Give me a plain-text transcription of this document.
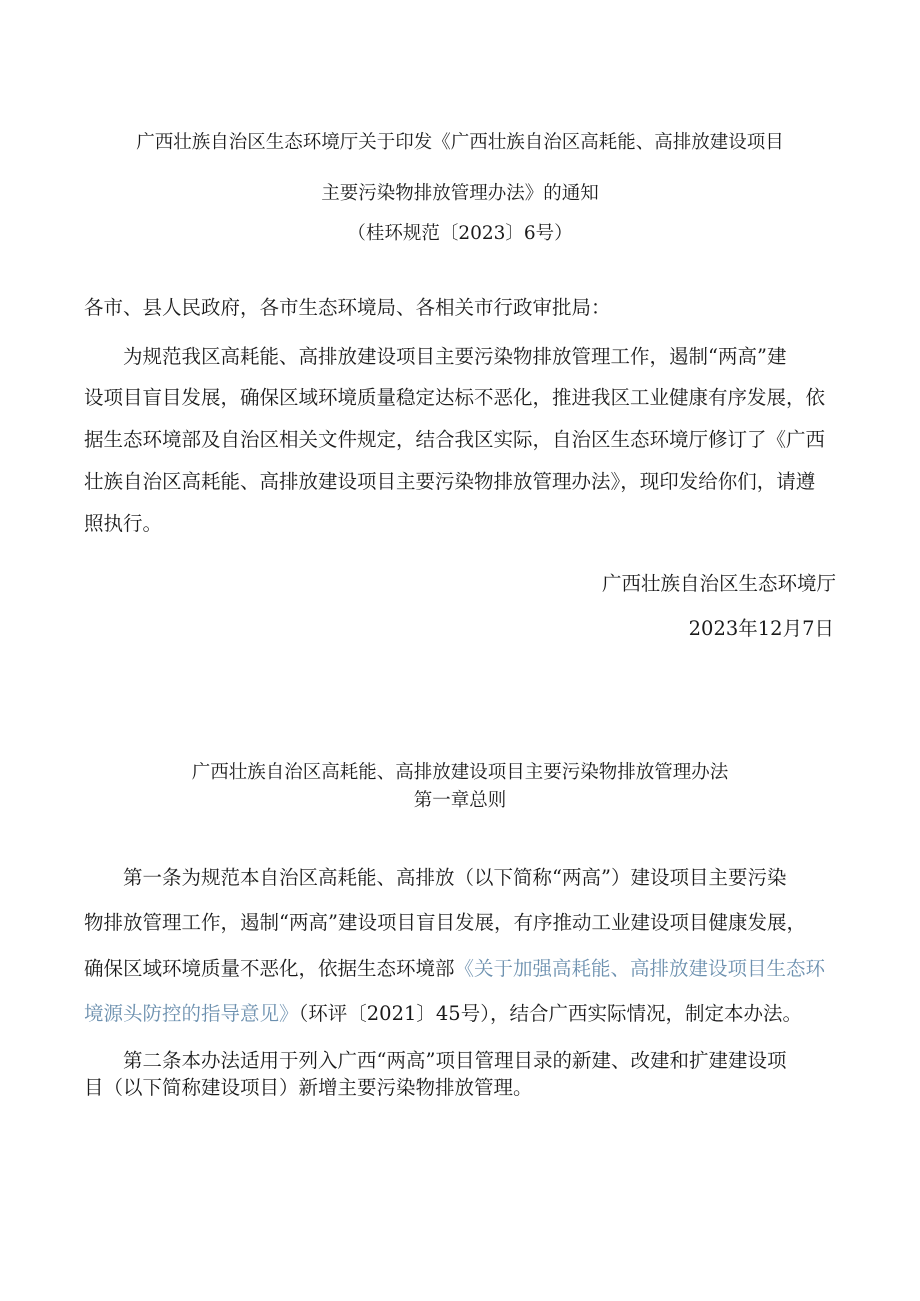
广西壮族自治区生态环境厅关于印发《广西壮族自治区高耗能、高排放建设项目
主要污染物排放管理办法》的通知
（桂环规范〔2023〕6号）
各市、县人民政府，各市生态环境局、各相关市行政审批局：
为规范我区高耗能、高排放建设项目主要污染物排放管理工作，遏制“两高”建
设项目盲目发展，确保区域环境质量稳定达标不恶化，推进我区工业健康有序发展，依
据生态环境部及自治区相关文件规定，结合我区实际，自治区生态环境厅修订了《广西
壮族自治区高耗能、高排放建设项目主要污染物排放管理办法》，现印发给你们，请遵
照执行。
广西壮族自治区生态环境厅
2023年12月7日
广西壮族自治区高耗能、高排放建设项目主要污染物排放管理办法
第一章总则
第一条为规范本自治区高耗能、高排放（以下简称“两高”）建设项目主要污染
物排放管理工作，遏制“两高”建设项目盲目发展，有序推动工业建设项目健康发展，
确保区域环境质量不恶化，依据生态环境部《关于加强高耗能、高排放建设项目生态环
境源头防控的指导意见》（环评〔2021〕45号），结合广西实际情况，制定本办法。
第二条本办法适用于列入广西“两高”项目管理目录的新建、改建和扩建建设项
目（以下简称建设项目）新增主要污染物排放管理。
